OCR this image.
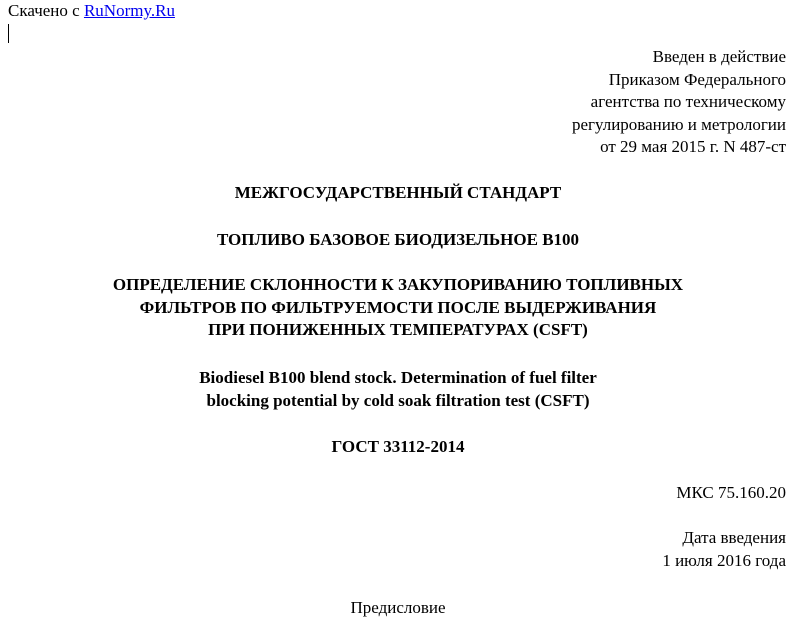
Скачено с RuNormy.Ru
Введен в действие
Приказом Федерального
агентства по техническому
регулированию и метрологии
от 29 мая 2015 г. N 487-ст
МЕЖГОСУДАРСТВЕННЫЙ СТАНДАРТ
ТОПЛИВО БАЗОВОЕ БИОДИЗЕЛЬНОЕ B100
ОПРЕДЕЛЕНИЕ СКЛОННОСТИ К ЗАКУПОРИВАНИЮ ТОПЛИВНЫХ
ФИЛЬТРОВ ПО ФИЛЬТРУЕМОСТИ ПОСЛЕ ВЫДЕРЖИВАНИЯ
ПРИ ПОНИЖЕННЫХ ТЕМПЕРАТУРАХ (CSFT)
Biodiesel B100 blend stock. Determination of fuel filter
blocking potential by cold soak filtration test (CSFT)
ГОСТ 33112-2014
МКС 75.160.20
Дата введения
1 июля 2016 года
Предисловие
